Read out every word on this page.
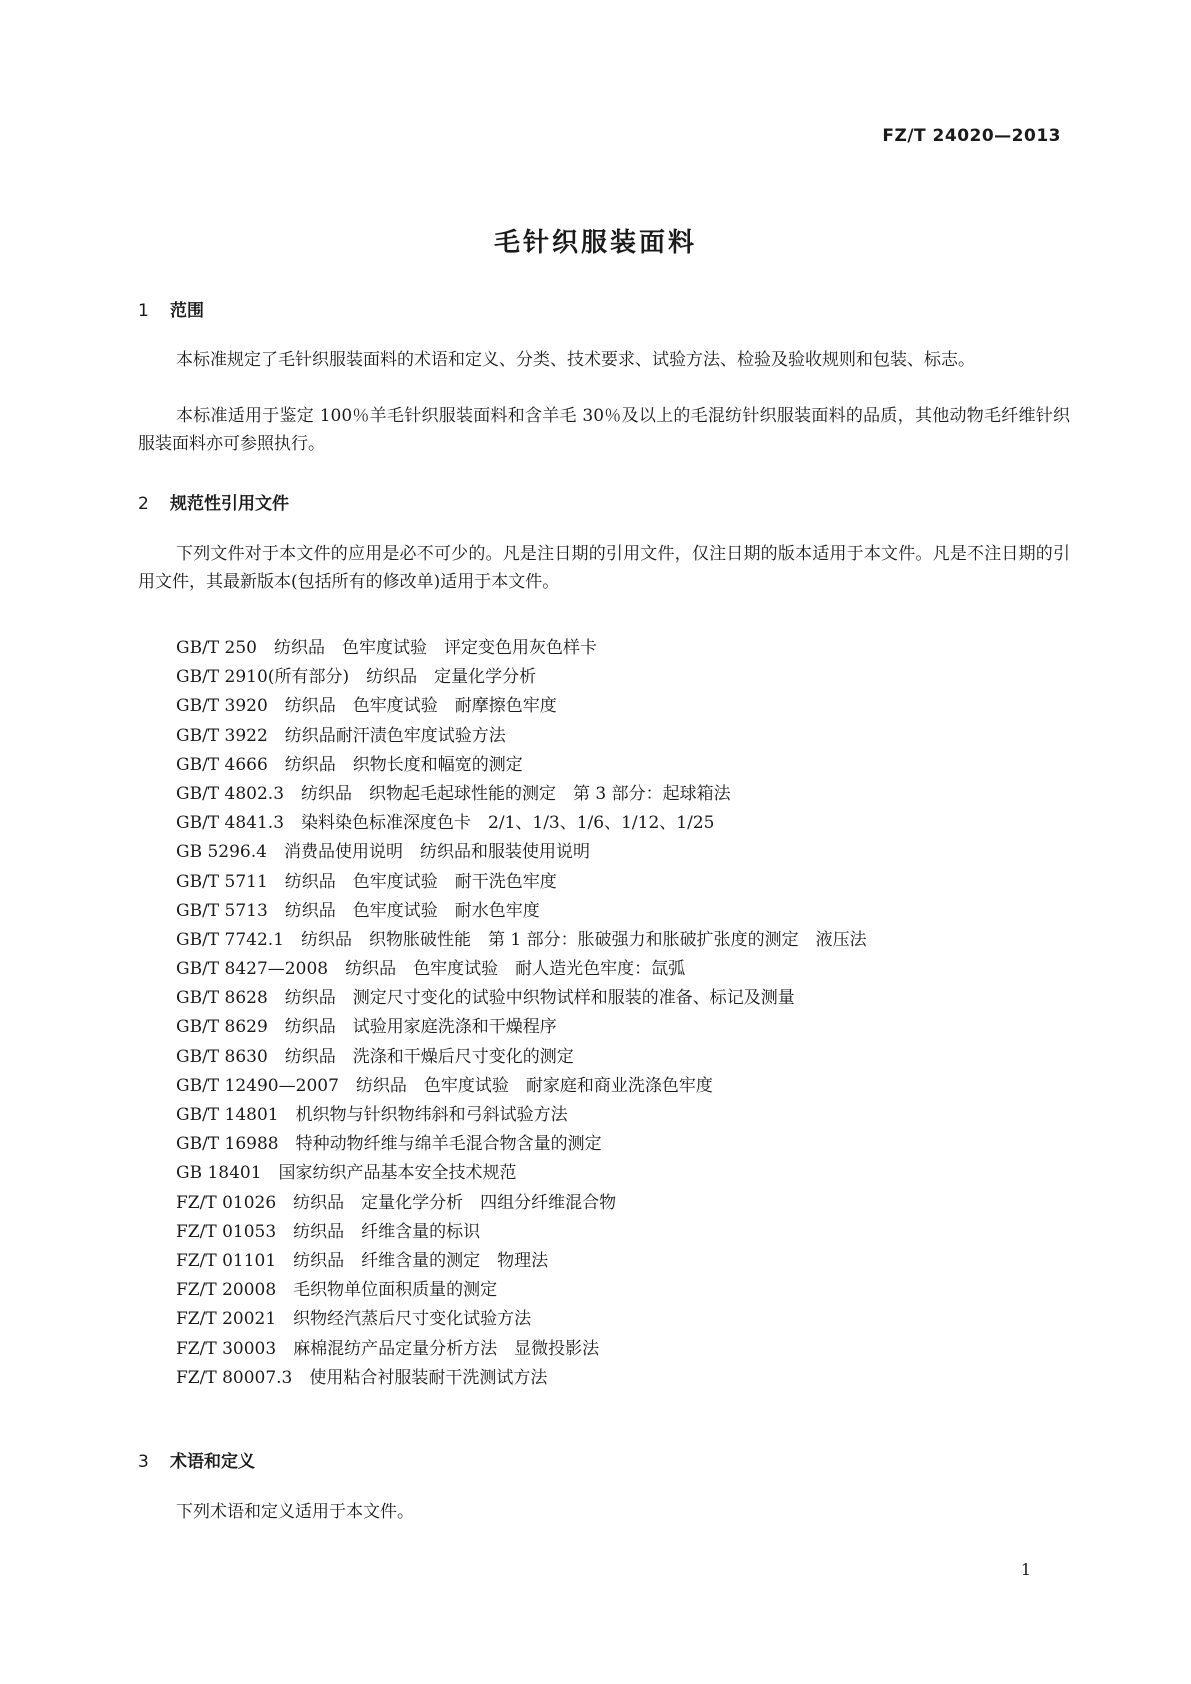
FZ/T 24020—2013
毛针织服装面料
1 范围
本标准规定了毛针织服装面料的术语和定义、分类、技术要求、试验方法、检验及验收规则和包装、标志。
本标准适用于鉴定 100％羊毛针织服装面料和含羊毛 30％及以上的毛混纺针织服装面料的品质，其他动物毛纤维针织服装面料亦可参照执行。
2 规范性引用文件
下列文件对于本文件的应用是必不可少的。凡是注日期的引用文件，仅注日期的版本适用于本文件。凡是不注日期的引用文件，其最新版本(包括所有的修改单)适用于本文件。
GB/T 250　纺织品　色牢度试验　评定变色用灰色样卡
GB/T 2910(所有部分)　纺织品　定量化学分析
GB/T 3920　纺织品　色牢度试验　耐摩擦色牢度
GB/T 3922　纺织品耐汗渍色牢度试验方法
GB/T 4666　纺织品　织物长度和幅宽的测定
GB/T 4802.3　纺织品　织物起毛起球性能的测定　第 3 部分：起球箱法
GB/T 4841.3　染料染色标准深度色卡　2/1、1/3、1/6、1/12、1/25
GB 5296.4　消费品使用说明　纺织品和服装使用说明
GB/T 5711　纺织品　色牢度试验　耐干洗色牢度
GB/T 5713　纺织品　色牢度试验　耐水色牢度
GB/T 7742.1　纺织品　织物胀破性能　第 1 部分：胀破强力和胀破扩张度的测定　液压法
GB/T 8427—2008　纺织品　色牢度试验　耐人造光色牢度：氙弧
GB/T 8628　纺织品　测定尺寸变化的试验中织物试样和服装的准备、标记及测量
GB/T 8629　纺织品　试验用家庭洗涤和干燥程序
GB/T 8630　纺织品　洗涤和干燥后尺寸变化的测定
GB/T 12490—2007　纺织品　色牢度试验　耐家庭和商业洗涤色牢度
GB/T 14801　机织物与针织物纬斜和弓斜试验方法
GB/T 16988　特种动物纤维与绵羊毛混合物含量的测定
GB 18401　国家纺织产品基本安全技术规范
FZ/T 01026　纺织品　定量化学分析　四组分纤维混合物
FZ/T 01053　纺织品　纤维含量的标识
FZ/T 01101　纺织品　纤维含量的测定　物理法
FZ/T 20008　毛织物单位面积质量的测定
FZ/T 20021　织物经汽蒸后尺寸变化试验方法
FZ/T 30003　麻棉混纺产品定量分析方法　显微投影法
FZ/T 80007.3　使用粘合衬服装耐干洗测试方法
3 术语和定义
下列术语和定义适用于本文件。
1
